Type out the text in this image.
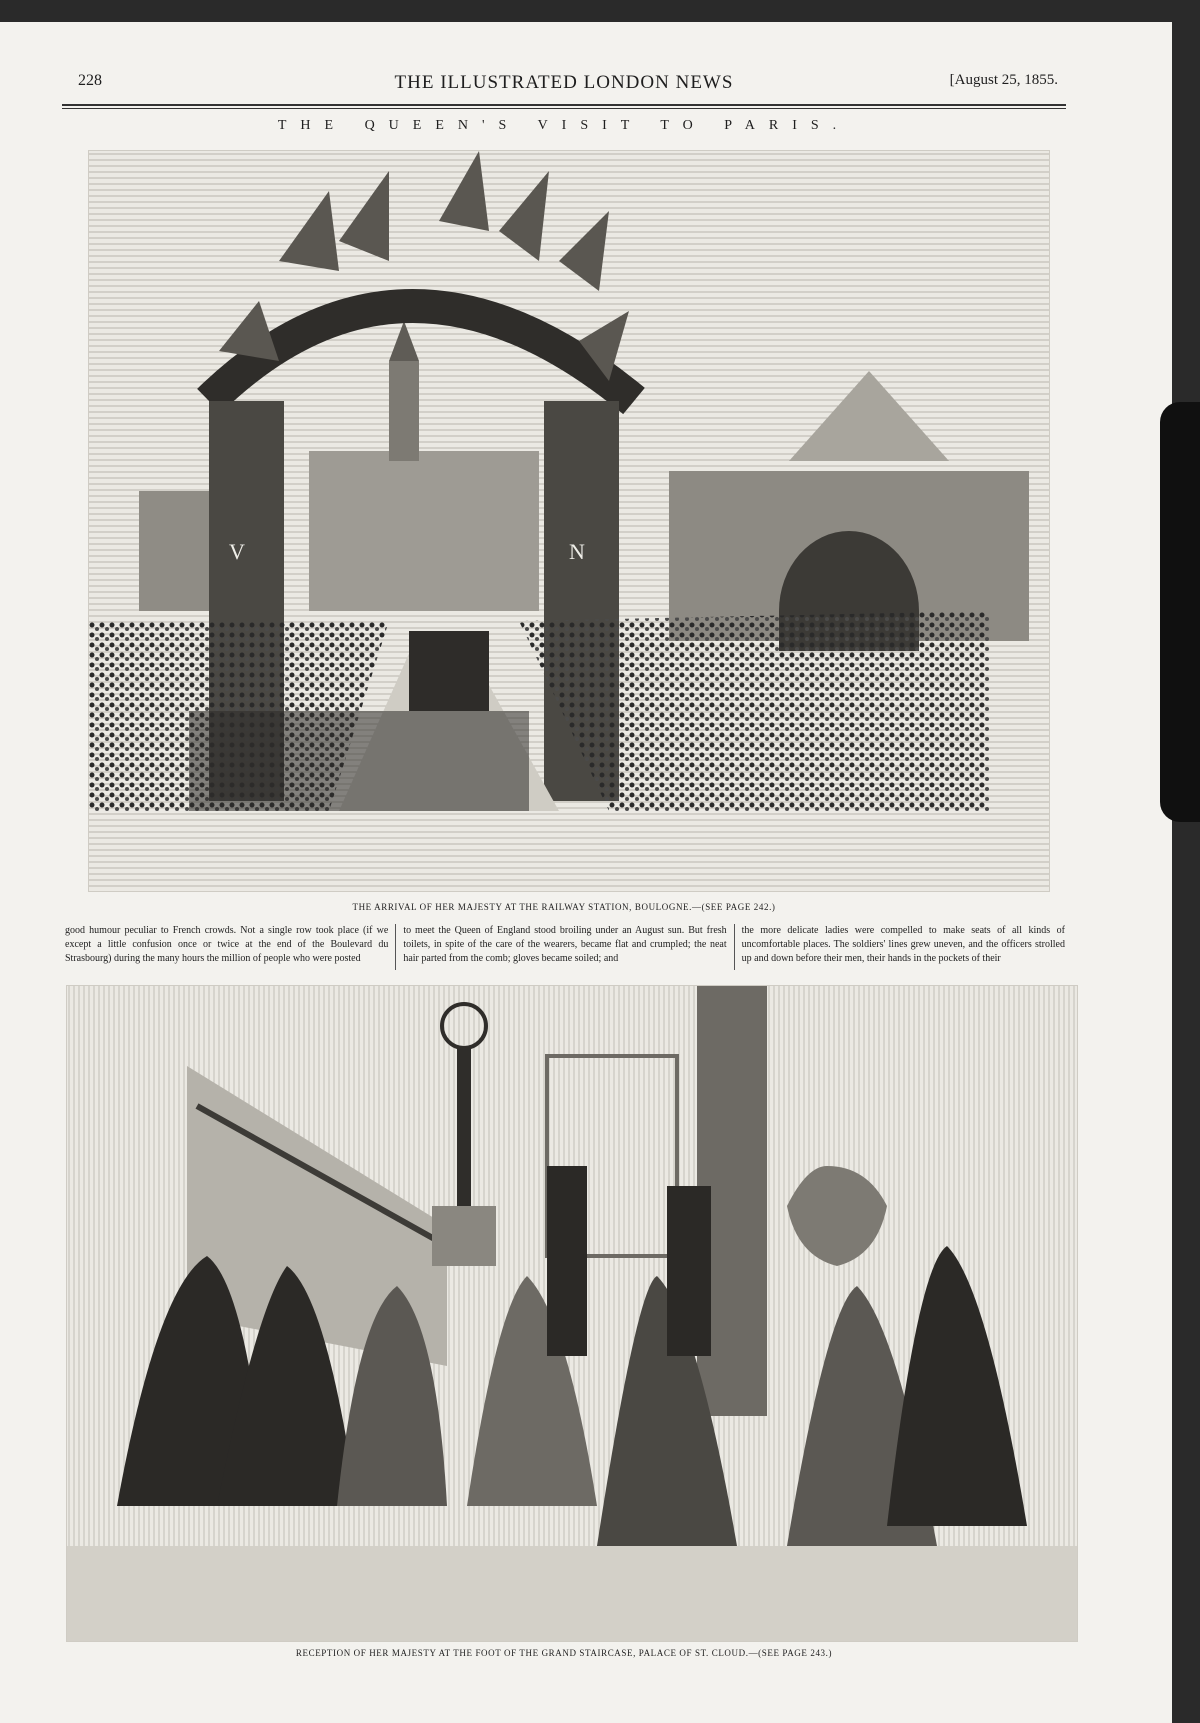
228	THE ILLUSTRATED LONDON NEWS	[August 25, 1855.
THE QUEEN'S VISIT TO PARIS.
V	N
THE ARRIVAL OF HER MAJESTY AT THE RAILWAY STATION, BOULOGNE.—(SEE PAGE 242.)
good humour peculiar to French crowds. Not a single row took place (if we except a little confusion once or twice at the end of the Boulevard du Strasbourg) during the many hours the million of people who were posted
to meet the Queen of England stood broiling under an August sun. But fresh toilets, in spite of the care of the wearers, became flat and crumpled; the neat hair parted from the comb; gloves became soiled; and
the more delicate ladies were compelled to make seats of all kinds of uncomfortable places. The soldiers' lines grew uneven, and the officers strolled up and down before their men, their hands in the pockets of their
RECEPTION OF HER MAJESTY AT THE FOOT OF THE GRAND STAIRCASE, PALACE OF ST. CLOUD.—(SEE PAGE 243.)
